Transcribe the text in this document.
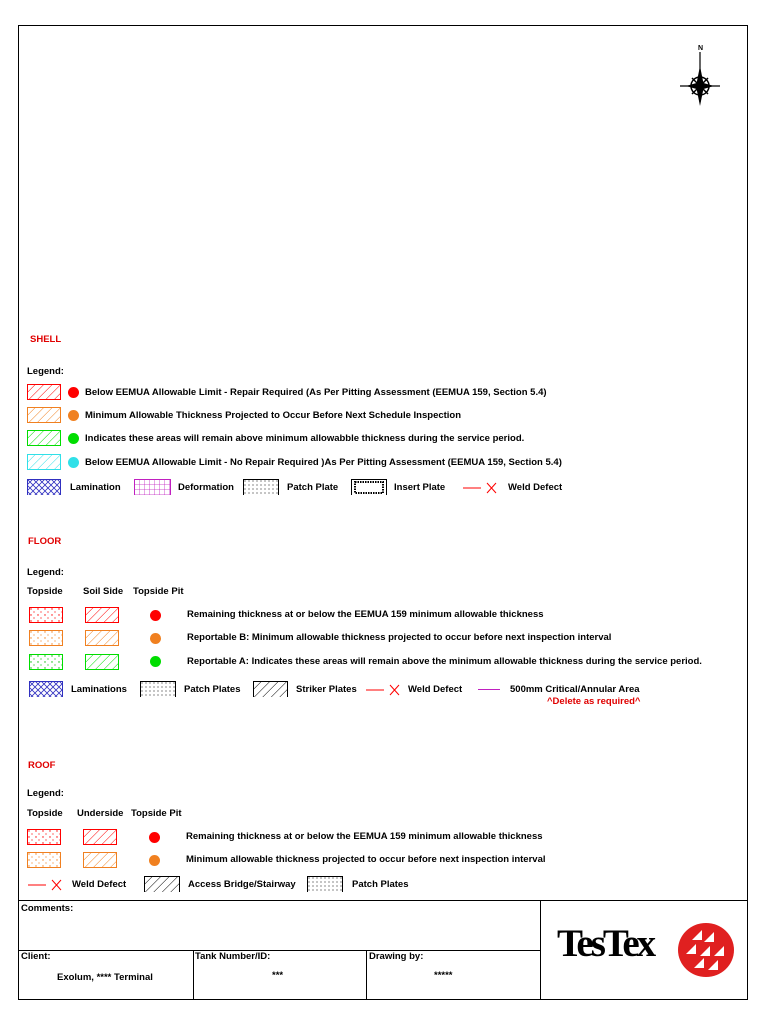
N
SHELL
Legend:
Below EEMUA Allowable Limit - Repair Required (As Per Pitting Assessment (EEMUA 159, Section 5.4)
Minimum Allowable Thickness Projected to Occur Before Next Schedule Inspection
Indicates these areas will remain above minimum allowabble thickness during the service period.
Below EEMUA Allowable Limit - No Repair Required )As Per Pitting Assessment (EEMUA 159, Section 5.4)
Lamination	Deformation	Patch Plate	Insert Plate	Weld Defect
FLOOR
Legend:
Topside Soil Side Topside Pit
Remaining thickness at or below the EEMUA 159 minimum allowable thickness
Reportable B: Minimum allowable thickness projected to occur before next inspection interval
Reportable A: Indicates these areas will remain above the minimum allowable thickness during the service period.
Laminations	Patch Plates	Striker Plates	Weld Defect	500mm Critical/Annular Area
^Delete as required^
ROOF
Legend:
Topside Underside Topside Pit
Remaining thickness at or below the EEMUA 159 minimum allowable thickness
Minimum allowable thickness projected to occur before next inspection interval
Weld Defect	Access Bridge/Stairway	Patch Plates
Comments:
Client:
Exolum, **** Terminal
Tank Number/ID:
***
Drawing by:
*****
TesTex
